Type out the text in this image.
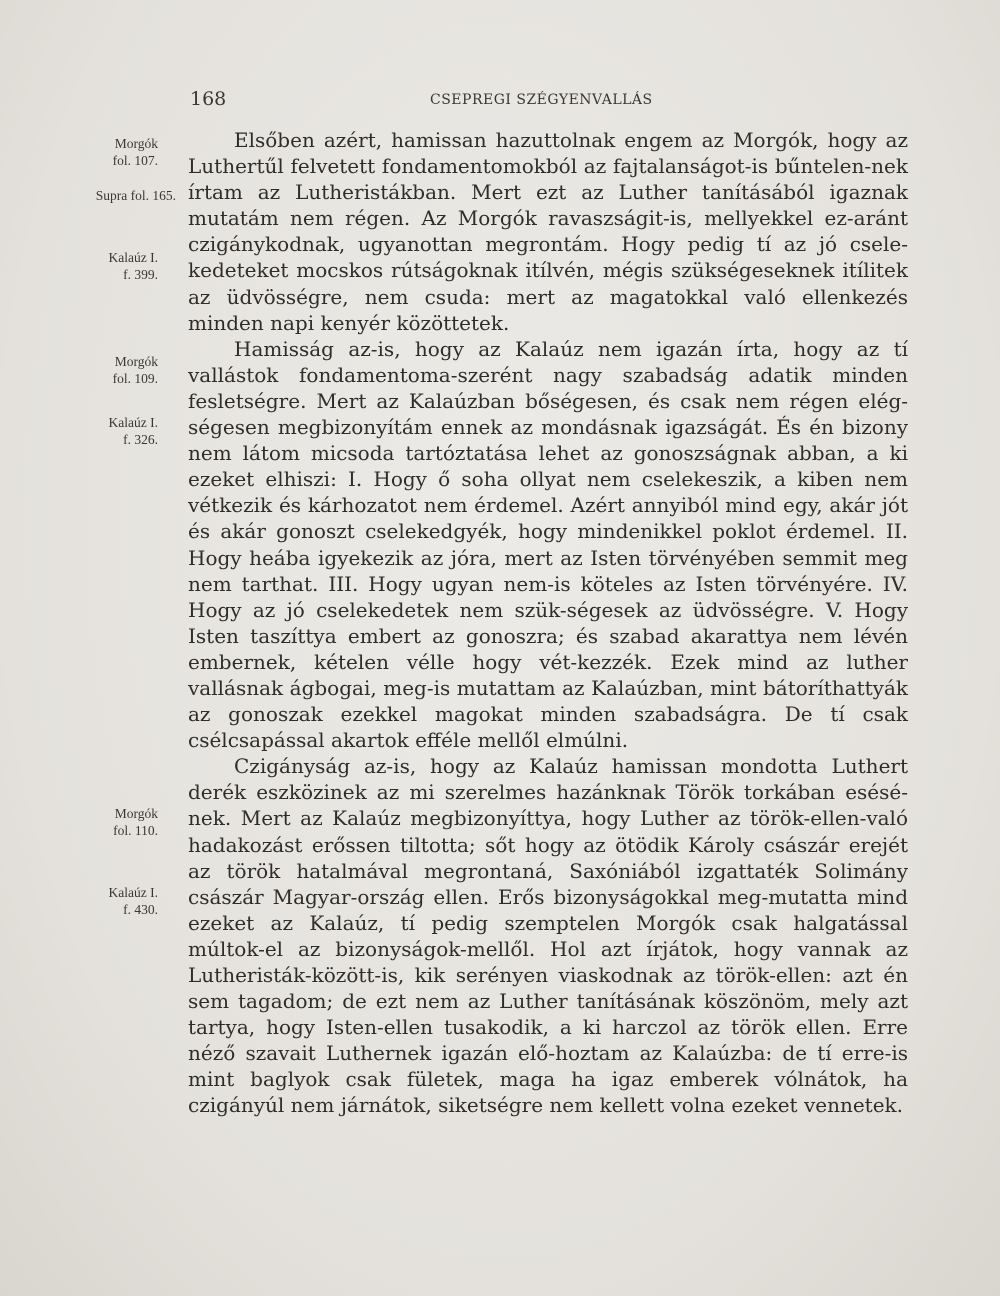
168	CSEPREGI SZÉGYENVALLÁS
Morgók
fol. 107.
Supra fol. 165.
Kalaúz I.
f. 399.
Morgók
fol. 109.
Kalaúz I.
f. 326.
Morgók
fol. 110.
Kalaúz I.
f. 430.

Elsőben azért, hamissan hazuttolnak engem az Morgók, hogy az Luthertűl felvetett fondamentomokból az fajtalanságot-is bűntelen-nek írtam az Lutheristákban. Mert ezt az Luther tanításából igaznak mutatám nem régen. Az Morgók ravaszságit-is, mellyekkel ez-aránt czigánykodnak, ugyanottan megrontám. Hogy pedig tí az jó csele-kedeteket mocskos rútságoknak itílvén, mégis szükségeseknek itílitek az üdvösségre, nem csuda: mert az magatokkal való ellenkezés minden napi kenyér közöttetek.

Hamisság az-is, hogy az Kalaúz nem igazán írta, hogy az tí vallástok fondamentoma-szerént nagy szabadság adatik minden fesletségre. Mert az Kalaúzban bőségesen, és csak nem régen elég-ségesen megbizonyítám ennek az mondásnak igazságát. És én bizony nem látom micsoda tartóztatása lehet az gonoszságnak abban, a ki ezeket elhiszi: I. Hogy ő soha ollyat nem cselekeszik, a kiben nem vétkezik és kárhozatot nem érdemel. Azért annyiból mind egy, akár jót és akár gonoszt cselekedgyék, hogy mindenikkel poklot érdemel. II. Hogy heába igyekezik az jóra, mert az Isten törvényében semmit meg nem tarthat. III. Hogy ugyan nem-is köteles az Isten törvényére. IV. Hogy az jó cselekedetek nem szük-ségesek az üdvösségre. V. Hogy Isten taszíttya embert az gonoszra; és szabad akarattya nem lévén embernek, kételen vélle hogy vét-kezzék. Ezek mind az luther vallásnak ágbogai, meg-is mutattam az Kalaúzban, mint bátoríthattyák az gonoszak ezekkel magokat minden szabadságra. De tí csak csélcsapással akartok efféle mellől elmúlni.

Czigányság az-is, hogy az Kalaúz hamissan mondotta Luthert derék eszközinek az mi szerelmes hazánknak Török torkában esésé-nek. Mert az Kalaúz megbizonyíttya, hogy Luther az török-ellen-való hadakozást erőssen tiltotta; sőt hogy az ötödik Károly császár erejét az török hatalmával megrontaná, Saxóniából izgattaték Solimány császár Magyar-ország ellen. Erős bizonyságokkal meg-mutatta mind ezeket az Kalaúz, tí pedig szemptelen Morgók csak halgatással múltok-el az bizonyságok-mellől. Hol azt írjátok, hogy vannak az Lutheristák-között-is, kik serényen viaskodnak az török-ellen: azt én sem tagadom; de ezt nem az Luther tanításának köszönöm, mely azt tartya, hogy Isten-ellen tusakodik, a ki harczol az török ellen. Erre néző szavait Luthernek igazán elő-hoztam az Kalaúzba: de tí erre-is mint baglyok csak fületek, maga ha igaz emberek vólnátok, ha czigányúl nem járnátok, siketségre nem kellett volna ezeket vennetek.
